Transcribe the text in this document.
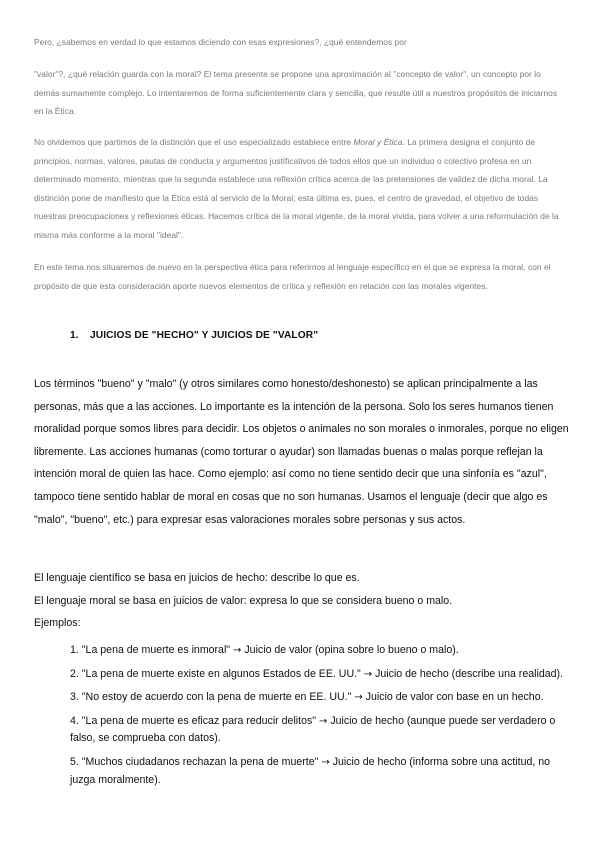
Pero, ¿sabemos en verdad lo que estamos diciendo con esas expresiones?, ¿qué entendemos por

"valor"?, ¿qué relación guarda con la moral? El tema presente se propone una aproximación al "concepto de valor", un concepto por lo demás sumamente complejo. Lo intentaremos de forma suficientemente clara y sencilla, que resulte útil a nuestros propósitos de iniciarnos en la Ética.

No olvidemos que partimos de la distinción que el uso especializado establece entre Moral y Ética. La primera designa el conjunto de principios, normas, valores, pautas de conducta y argumentos justificativos de todos ellos que un individuo o colectivo profesa en un determinado momento, mientras que la segunda establece una reflexión crítica acerca de las pretensiones de validez de dicha moral. La distinción pone de manifiesto que la Ética está al servicio de la Moral; esta última es, pues, el centro de gravedad, el objetivo de todas nuestras preocupaciones y reflexiones éticas. Hacemos crítica de la moral vigente, de la moral vivida, para volver a una reformulación de la misma más conforme a la moral "ideal".

En este tema nos situaremos de nuevo en la perspectiva ética para referirnos al lenguaje específico en el que se expresa la moral, con el propósito de que esta consideración aporte nuevos elementos de crítica y reflexión en relación con las morales vigentes.

1. JUICIOS DE "HECHO" Y JUICIOS DE "VALOR"

Los términos "bueno" y "malo" (y otros similares como honesto/deshonesto) se aplican principalmente a las personas, más que a las acciones. Lo importante es la intención de la persona. Solo los seres humanos tienen moralidad porque somos libres para decidir. Los objetos o animales no son morales o inmorales, porque no eligen libremente. Las acciones humanas (como torturar o ayudar) son llamadas buenas o malas porque reflejan la intención moral de quien las hace. Como ejemplo: así como no tiene sentido decir que una sinfonía es "azul", tampoco tiene sentido hablar de moral en cosas que no son humanas. Usamos el lenguaje (decir que algo es "malo", "bueno", etc.) para expresar esas valoraciones morales sobre personas y sus actos.

El lenguaje científico se basa en juicios de hecho: describe lo que es.

El lenguaje moral se basa en juicios de valor: expresa lo que se considera bueno o malo.

Ejemplos:

1. "La pena de muerte es inmoral" → Juicio de valor (opina sobre lo bueno o malo).
2. "La pena de muerte existe en algunos Estados de EE. UU." → Juicio de hecho (describe una realidad).
3. "No estoy de acuerdo con la pena de muerte en EE. UU." → Juicio de valor con base en un hecho.
4. "La pena de muerte es eficaz para reducir delitos" → Juicio de hecho (aunque puede ser verdadero o falso, se comprueba con datos).
5. "Muchos ciudadanos rechazan la pena de muerte" → Juicio de hecho (informa sobre una actitud, no juzga moralmente).
